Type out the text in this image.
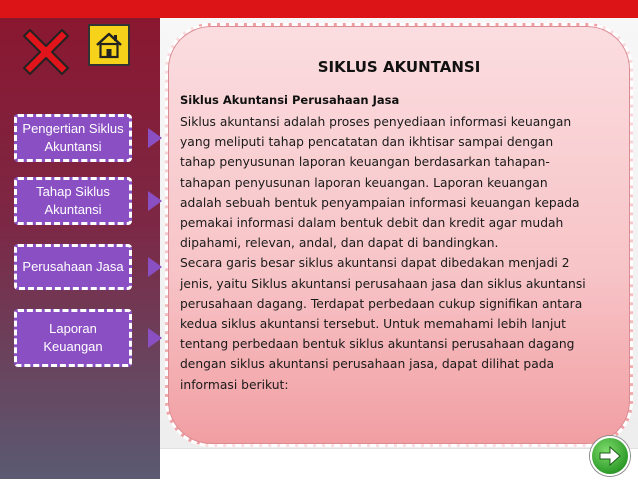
Pengertian Siklus Akuntansi
Tahap Siklus Akuntansi
Perusahaan Jasa
Laporan Keuangan
SIKLUS AKUNTANSI
Siklus Akuntansi Perusahaan Jasa
Siklus akuntansi adalah proses penyediaan informasi keuangan
yang meliputi tahap pencatatan dan ikhtisar sampai dengan
tahap penyusunan laporan keuangan berdasarkan tahapan-
tahapan penyusunan laporan keuangan. Laporan keuangan
adalah sebuah bentuk penyampaian informasi keuangan kepada
pemakai informasi dalam bentuk debit dan kredit agar mudah
dipahami, relevan, andal, dan dapat di bandingkan.
Secara garis besar siklus akuntansi dapat dibedakan menjadi 2
jenis, yaitu Siklus akuntansi perusahaan jasa dan siklus akuntansi
perusahaan dagang. Terdapat perbedaan cukup signifikan antara
kedua siklus akuntansi tersebut. Untuk memahami lebih lanjut
tentang perbedaan bentuk siklus akuntansi perusahaan dagang
dengan siklus akuntansi perusahaan jasa, dapat dilihat pada
informasi berikut:
